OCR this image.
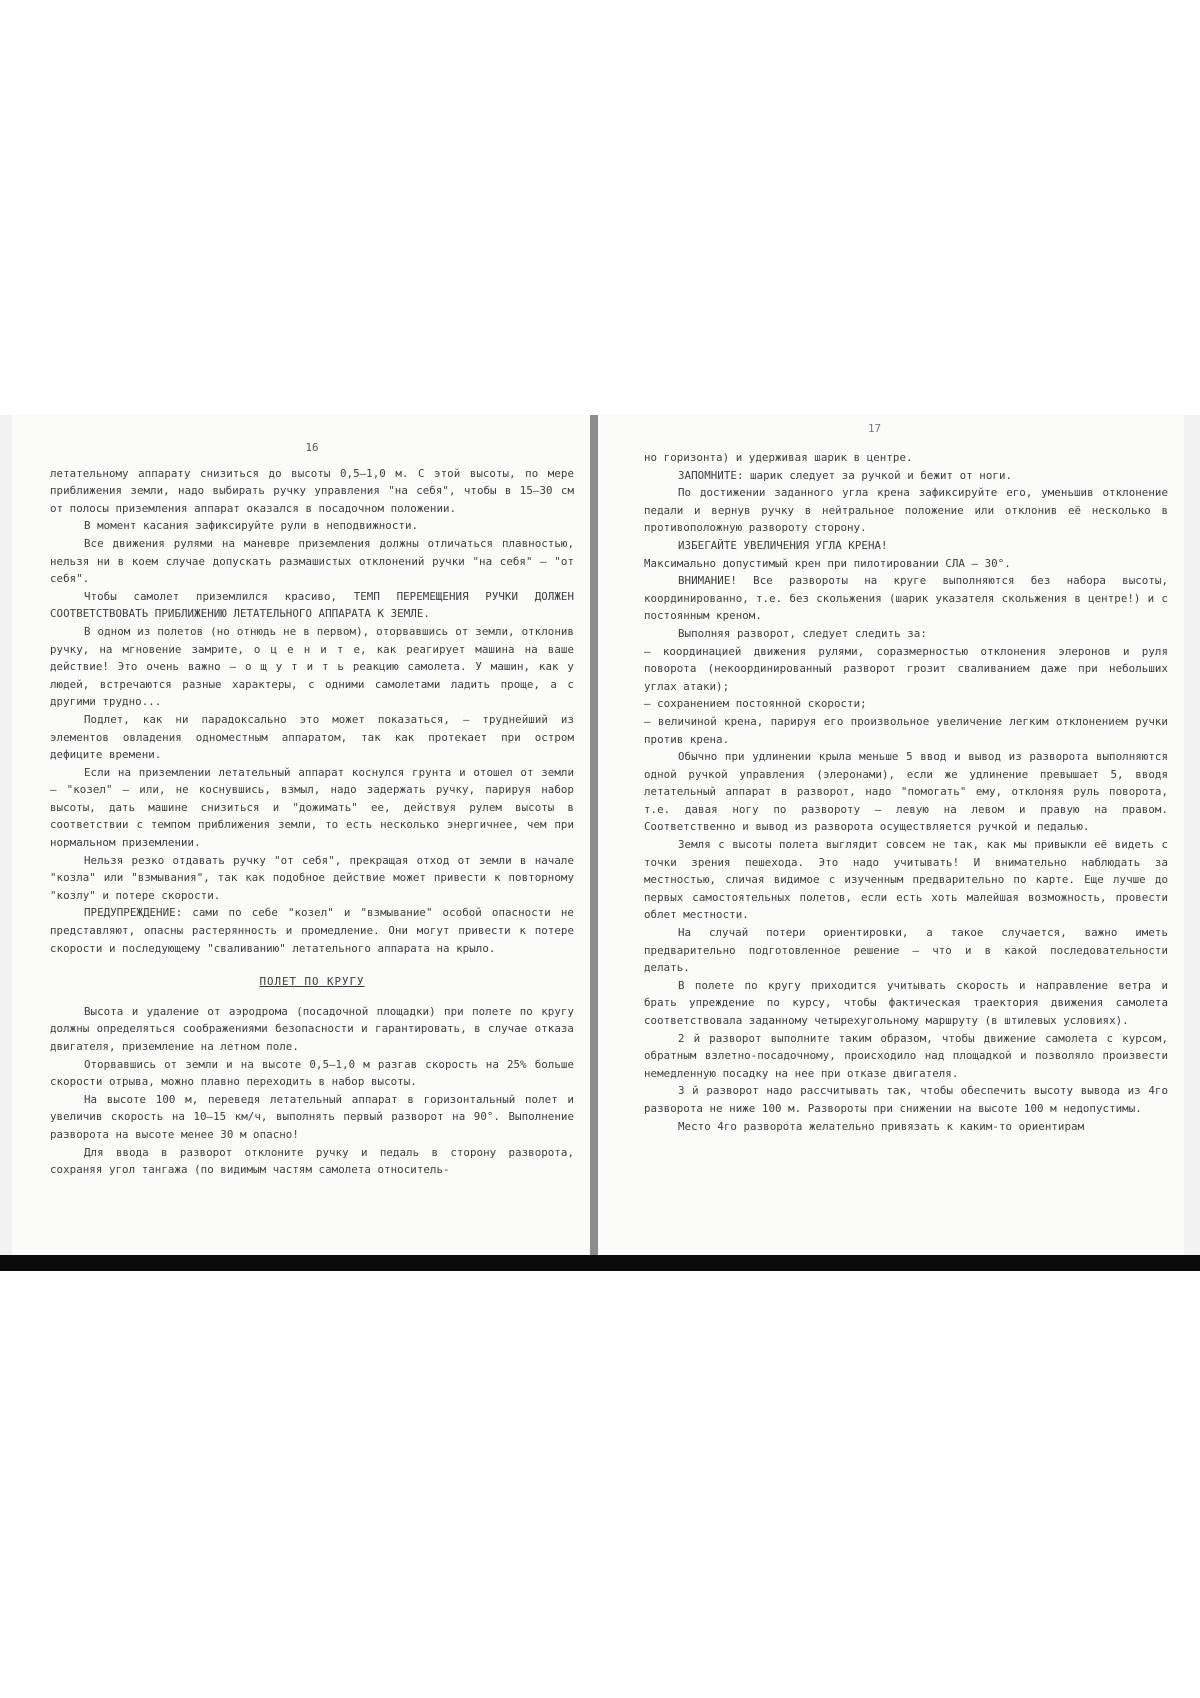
16

летательному аппарату снизиться до высоты 0,5–1,0 м. С этой высоты, по мере приближения земли, надо выбирать ручку управления "на себя", чтобы в 15–30 см от полосы приземления аппарат оказался в посадочном положении.

В момент касания зафиксируйте рули в неподвижности.

Все движения рулями на маневре приземления должны отличаться плавностью, нельзя ни в коем случае допускать размашистых отклонений ручки "на себя" – "от себя".

Чтобы самолет приземлился красиво, ТЕМП ПЕРЕМЕЩЕНИЯ РУЧКИ ДОЛЖЕН СООТВЕТСТВОВАТЬ ПРИБЛИЖЕНИЮ ЛЕТАТЕЛЬНОГО АППАРАТА К ЗЕМЛЕ.

В одном из полетов (но отнюдь не в первом), оторвавшись от земли, отклонив ручку, на мгновение замрите, о ц е н и т е, как реагирует машина на ваше действие! Это очень важно – о щ у т и т ь реакцию самолета. У машин, как у людей, встречаются разные характеры, с одними самолетами ладить проще, а с другими трудно...

Подлет, как ни парадоксально это может показаться, – труднейший из элементов овладения одноместным аппаратом, так как протекает при остром дефиците времени.

Если на приземлении летательный аппарат коснулся грунта и отошел от земли – "козел" – или, не коснувшись, взмыл, надо задержать ручку, парируя набор высоты, дать машине снизиться и "дожимать" ее, действуя рулем высоты в соответствии с темпом приближения земли, то есть несколько энергичнее, чем при нормальном приземлении.

Нельзя резко отдавать ручку "от себя", прекращая отход от земли в начале "козла" или "взмывания", так как подобное действие может привести к повторному "козлу" и потере скорости.

ПРЕДУПРЕЖДЕНИЕ: сами по себе "козел" и "взмывание" особой опасности не представляют, опасны растерянность и промедление. Они могут привести к потере скорости и последующему "сваливанию" летательного аппарата на крыло.

ПОЛЕТ ПО КРУГУ

Высота и удаление от аэродрома (посадочной площадки) при полете по кругу должны определяться соображениями безопасности и гарантировать, в случае отказа двигателя, приземление на летном поле.

Оторвавшись от земли и на высоте 0,5–1,0 м разгав скорость на 25% больше скорости отрыва, можно плавно переходить в набор высоты.

На высоте 100 м, переведя летательный аппарат в горизонтальный полет и увеличив скорость на 10–15 км/ч, выполнять первый разворот на 90°. Выполнение разворота на высоте менее 30 м опасно!

Для ввода в разворот отклоните ручку и педаль в сторону разворота, сохраняя угол тангажа (по видимым частям самолета относитель-

17

но горизонта) и удерживая шарик в центре.

ЗАПОМНИТЕ: шарик следует за ручкой и бежит от ноги.

По достижении заданного угла крена зафиксируйте его, уменьшив отклонение педали и вернув ручку в нейтральное положение или отклонив её несколько в противоположную развороту сторону.

ИЗБЕГАЙТЕ УВЕЛИЧЕНИЯ УГЛА КРЕНА!

Максимально допустимый крен при пилотировании СЛА – 30°.

ВНИМАНИЕ! Все развороты на круге выполняются без набора высоты, координированно, т.е. без скольжения (шарик указателя скольжения в центре!) и с постоянным креном.

Выполняя разворот, следует следить за:

– координацией движения рулями, соразмерностью отклонения элеронов и руля поворота (некоординированный разворот грозит сваливанием даже при небольших углах атаки);

– сохранением постоянной скорости;

– величиной крена, парируя его произвольное увеличение легким отклонением ручки против крена.

Обычно при удлинении крыла меньше 5 ввод и вывод из разворота выполняются одной ручкой управления (элеронами), если же удлинение превышает 5, вводя летательный аппарат в разворот, надо "помогать" ему, отклоняя руль поворота, т.е. давая ногу по развороту – левую на левом и правую на правом. Соответственно и вывод из разворота осуществляется ручкой и педалью.

Земля с высоты полета выглядит совсем не так, как мы привыкли её видеть с точки зрения пешехода. Это надо учитывать! И внимательно наблюдать за местностью, сличая видимое с изученным предварительно по карте. Еще лучше до первых самостоятельных полетов, если есть хоть малейшая возможность, провести облет местности.

На случай потери ориентировки, а такое случается, важно иметь предварительно подготовленное решение – что и в какой последовательности делать.

В полете по кругу приходится учитывать скорость и направление ветра и брать упреждение по курсу, чтобы фактическая траектория движения самолета соответствовала заданному четырехугольному маршруту (в штилевых условиях).

2 й разворот выполните таким образом, чтобы движение самолета с курсом, обратным взлетно-посадочному, происходило над площадкой и позволяло произвести немедленную посадку на нее при отказе двигателя.

3 й разворот надо рассчитывать так, чтобы обеспечить высоту вывода из 4го разворота не ниже 100 м. Развороты при снижении на высоте 100 м недопустимы.

Место 4го разворота желательно привязать к каким-то ориентирам
